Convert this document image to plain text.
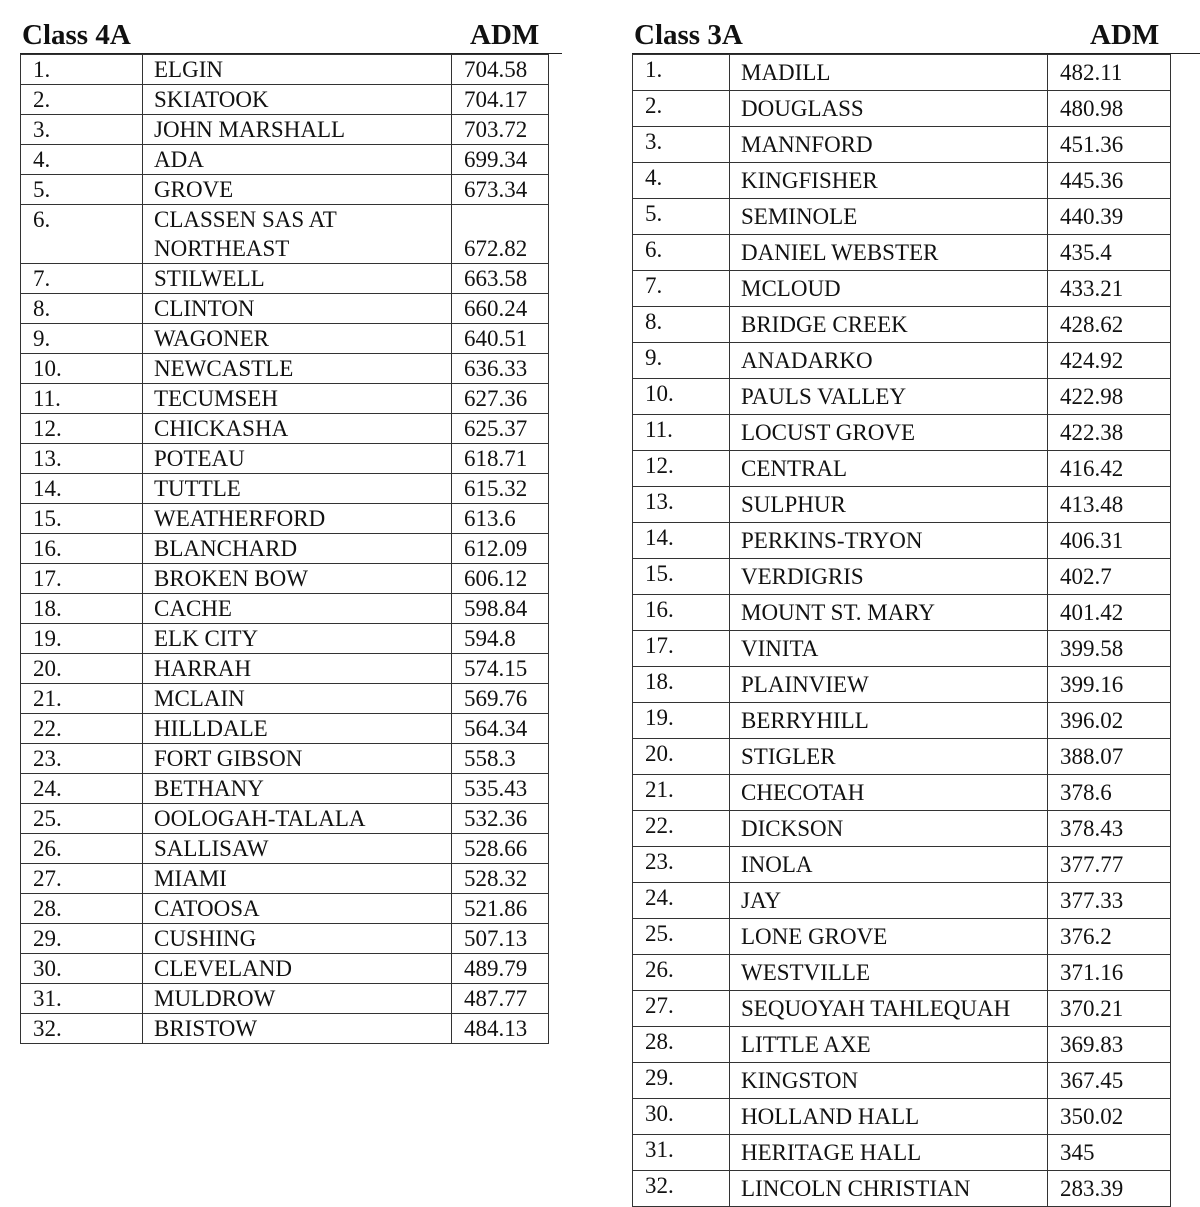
Class 4A	ADM
1.	ELGIN	704.58
2.	SKIATOOK	704.17
3.	JOHN MARSHALL	703.72
4.	ADA	699.34
5.	GROVE	673.34
6.	CLASSEN SAS AT
NORTHEAST	672.82
7.	STILWELL	663.58
8.	CLINTON	660.24
9.	WAGONER	640.51
10.	NEWCASTLE	636.33
11.	TECUMSEH	627.36
12.	CHICKASHA	625.37
13.	POTEAU	618.71
14.	TUTTLE	615.32
15.	WEATHERFORD	613.6
16.	BLANCHARD	612.09
17.	BROKEN BOW	606.12
18.	CACHE	598.84
19.	ELK CITY	594.8
20.	HARRAH	574.15
21.	MCLAIN	569.76
22.	HILLDALE	564.34
23.	FORT GIBSON	558.3
24.	BETHANY	535.43
25.	OOLOGAH-TALALA	532.36
26.	SALLISAW	528.66
27.	MIAMI	528.32
28.	CATOOSA	521.86
29.	CUSHING	507.13
30.	CLEVELAND	489.79
31.	MULDROW	487.77
32.	BRISTOW	484.13
Class 3A	ADM
1.	MADILL	482.11
2.	DOUGLASS	480.98
3.	MANNFORD	451.36
4.	KINGFISHER	445.36
5.	SEMINOLE	440.39
6.	DANIEL WEBSTER	435.4
7.	MCLOUD	433.21
8.	BRIDGE CREEK	428.62
9.	ANADARKO	424.92
10.	PAULS VALLEY	422.98
11.	LOCUST GROVE	422.38
12.	CENTRAL	416.42
13.	SULPHUR	413.48
14.	PERKINS-TRYON	406.31
15.	VERDIGRIS	402.7
16.	MOUNT ST. MARY	401.42
17.	VINITA	399.58
18.	PLAINVIEW	399.16
19.	BERRYHILL	396.02
20.	STIGLER	388.07
21.	CHECOTAH	378.6
22.	DICKSON	378.43
23.	INOLA	377.77
24.	JAY	377.33
25.	LONE GROVE	376.2
26.	WESTVILLE	371.16
27.	SEQUOYAH TAHLEQUAH	370.21
28.	LITTLE AXE	369.83
29.	KINGSTON	367.45
30.	HOLLAND HALL	350.02
31.	HERITAGE HALL	345
32.	LINCOLN CHRISTIAN	283.39
